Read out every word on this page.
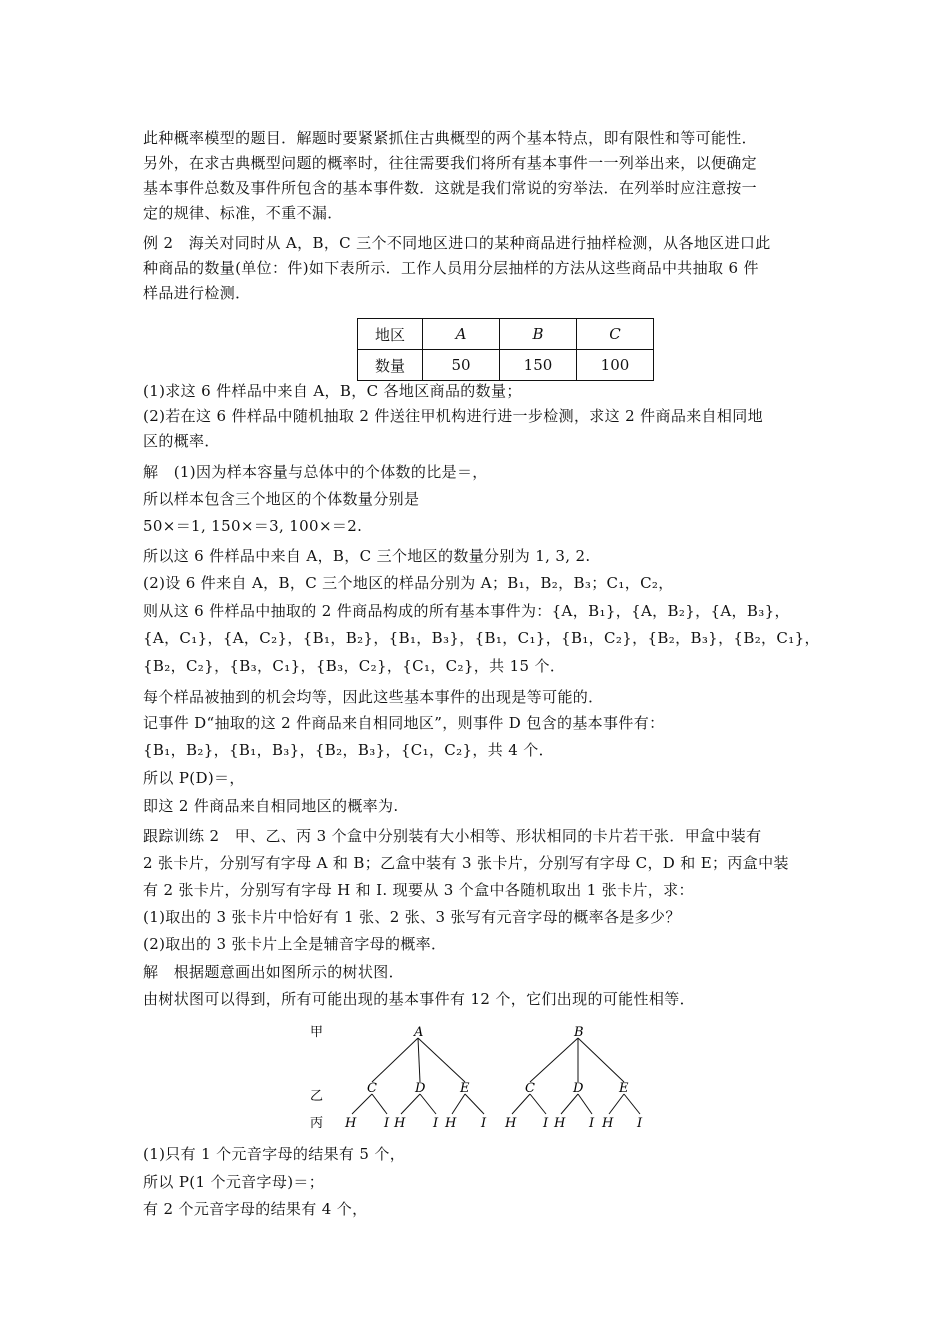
此种概率模型的题目．解题时要紧紧抓住古典概型的两个基本特点，即有限性和等可能性．
另外，在求古典概型问题的概率时，往往需要我们将所有基本事件一一列举出来，以便确定
基本事件总数及事件所包含的基本事件数．这就是我们常说的穷举法．在列举时应注意按一
定的规律、标准，不重不漏．
例 2　海关对同时从 A，B，C 三个不同地区进口的某种商品进行抽样检测，从各地区进口此
种商品的数量(单位：件)如下表所示．工作人员用分层抽样的方法从这些商品中共抽取 6 件
样品进行检测．
地区	A	B	C
数量	50	150	100
(1)求这 6 件样品中来自 A，B，C 各地区商品的数量；
(2)若在这 6 件样品中随机抽取 2 件送往甲机构进行进一步检测，求这 2 件商品来自相同地
区的概率．
解　(1)因为样本容量与总体中的个体数的比是＝，
所以样本包含三个地区的个体数量分别是
50×＝1, 150×＝3, 100×＝2.
所以这 6 件样品中来自 A，B，C 三个地区的数量分别为 1, 3, 2.
(2)设 6 件来自 A，B，C 三个地区的样品分别为 A；B₁，B₂，B₃；C₁，C₂，
则从这 6 件样品中抽取的 2 件商品构成的所有基本事件为：{A，B₁}，{A，B₂}，{A，B₃}，
{A，C₁}，{A，C₂}，{B₁，B₂}，{B₁，B₃}，{B₁，C₁}，{B₁，C₂}，{B₂，B₃}，{B₂，C₁}，
{B₂，C₂}，{B₃，C₁}，{B₃，C₂}，{C₁，C₂}，共 15 个．
每个样品被抽到的机会均等，因此这些基本事件的出现是等可能的．
记事件 D“抽取的这 2 件商品来自相同地区”，则事件 D 包含的基本事件有：
{B₁，B₂}，{B₁，B₃}，{B₂，B₃}，{C₁，C₂}，共 4 个．
所以 P(D)＝，
即这 2 件商品来自相同地区的概率为.
跟踪训练 2　甲、乙、丙 3 个盒中分别装有大小相等、形状相同的卡片若干张．甲盒中装有
2 张卡片，分别写有字母 A 和 B；乙盒中装有 3 张卡片，分别写有字母 C，D 和 E；丙盒中装
有 2 张卡片，分别写有字母 H 和 I. 现要从 3 个盒中各随机取出 1 张卡片，求：
(1)取出的 3 张卡片中恰好有 1 张、2 张、3 张写有元音字母的概率各是多少？
(2)取出的 3 张卡片上全是辅音字母的概率．
解　根据题意画出如图所示的树状图．
由树状图可以得到，所有可能出现的基本事件有 12 个，它们出现的可能性相等．
甲
乙
丙
A	B
C	D	E	C	D	E
H I H I H I H I H I H I
(1)只有 1 个元音字母的结果有 5 个，
所以 P(1 个元音字母)＝；
有 2 个元音字母的结果有 4 个，
